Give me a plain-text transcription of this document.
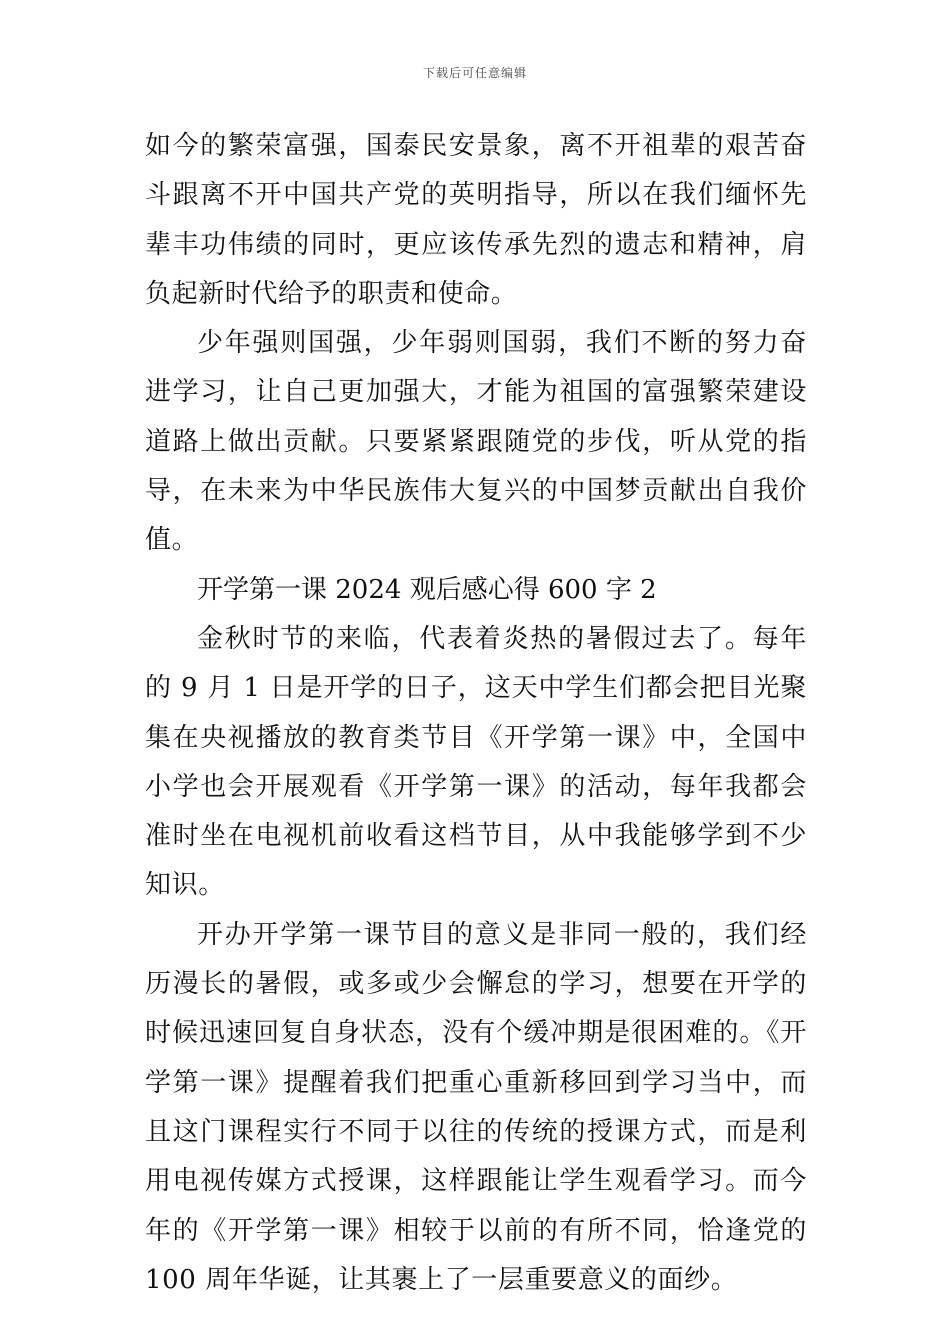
下载后可任意编辑

如今的繁荣富强，国泰民安景象，离不开祖辈的艰苦奋斗跟离不开中国共产党的英明指导，所以在我们缅怀先辈丰功伟绩的同时，更应该传承先烈的遗志和精神，肩负起新时代给予的职责和使命。

少年强则国强，少年弱则国弱，我们不断的努力奋进学习，让自己更加强大，才能为祖国的富强繁荣建设道路上做出贡献。只要紧紧跟随党的步伐，听从党的指导，在未来为中华民族伟大复兴的中国梦贡献出自我价值。

开学第一课 2024 观后感心得 600 字 2

金秋时节的来临，代表着炎热的暑假过去了。每年的 9 月 1 日是开学的日子，这天中学生们都会把目光聚集在央视播放的教育类节目《开学第一课》中，全国中小学也会开展观看《开学第一课》的活动，每年我都会准时坐在电视机前收看这档节目，从中我能够学到不少知识。

开办开学第一课节目的意义是非同一般的，我们经历漫长的暑假，或多或少会懈怠的学习，想要在开学的时候迅速回复自身状态，没有个缓冲期是很困难的。《开学第一课》提醒着我们把重心重新移回到学习当中，而且这门课程实行不同于以往的传统的授课方式，而是利用电视传媒方式授课，这样跟能让学生观看学习。而今年的《开学第一课》相较于以前的有所不同，恰逢党的 100 周年华诞，让其裹上了一层重要意义的面纱。
